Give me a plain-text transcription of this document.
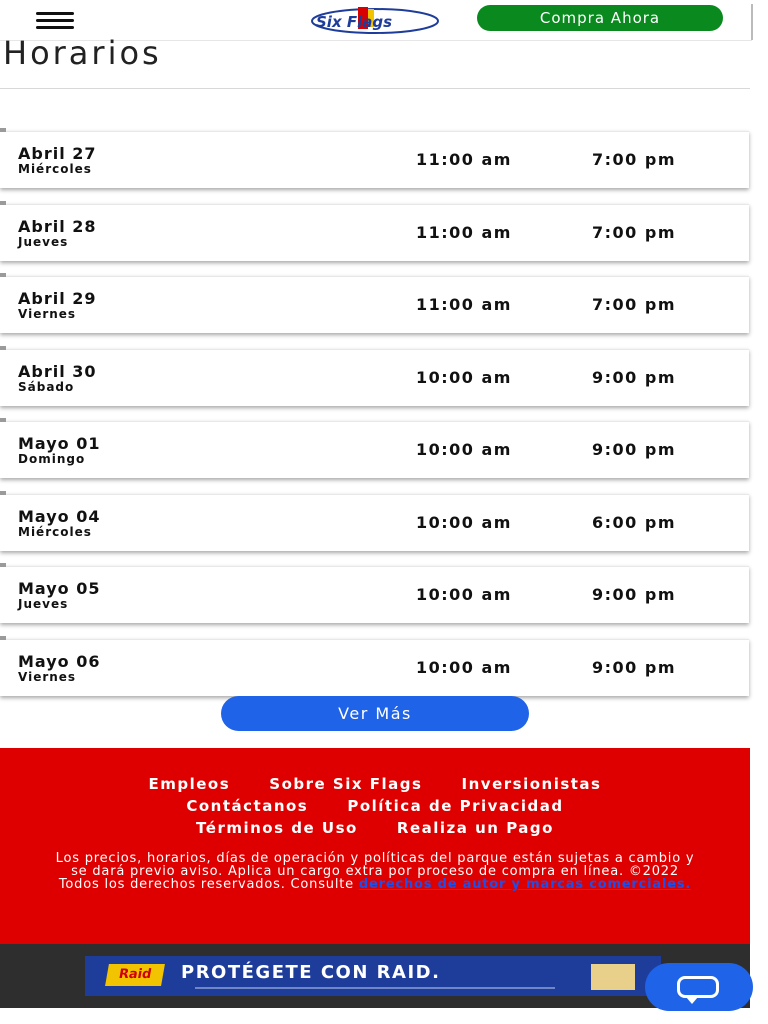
Six Flags	Compra Ahora
Horarios
Abril 27
Miércoles	11:00 am	7:00 pm
Abril 28
Jueves	11:00 am	7:00 pm
Abril 29
Viernes	11:00 am	7:00 pm
Abril 30
Sábado	10:00 am	9:00 pm
Mayo 01
Domingo	10:00 am	9:00 pm
Mayo 04
Miércoles	10:00 am	6:00 pm
Mayo 05
Jueves	10:00 am	9:00 pm
Mayo 06
Viernes	10:00 am	9:00 pm
Ver Más
Empleos	Sobre Six Flags	Inversionistas
Contáctanos	Política de Privacidad
Términos de Uso	Realiza un Pago
Los precios, horarios, días de operación y políticas del parque están sujetas a cambio y se dará previo aviso. Aplica un cargo extra por proceso de compra en línea. ©2022 Todos los derechos reservados. Consulte derechos de autor y marcas comerciales.
Raid	PROTÉGETE CON RAID.
